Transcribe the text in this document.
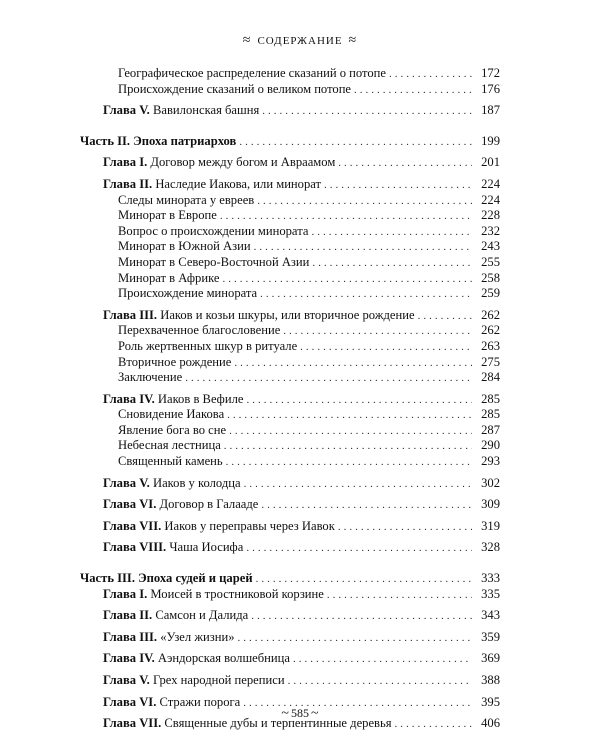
≈ СОДЕРЖАНИЕ ≈
Географическое распределение сказаний о потопе .....	172
Происхождение сказаний о великом потопе .....	176
Глава V. Вавилонская башня .....	187
Часть II. Эпоха патриархов .....	199
Глава I. Договор между богом и Авраамом .....	201
Глава II. Наследие Иакова, или минорат .....	224
Следы минората у евреев .....	224
Минорат в Европе .....	228
Вопрос о происхождении минората .....	232
Минорат в Южной Азии .....	243
Минорат в Северо-Восточной Азии .....	255
Минорат в Африке .....	258
Происхождение минората .....	259
Глава III. Иаков и козьи шкуры, или вторичное рождение .....	262
Перехваченное благословение .....	262
Роль жертвенных шкур в ритуале .....	263
Вторичное рождение .....	275
Заключение .....	284
Глава IV. Иаков в Вефиле .....	285
Сновидение Иакова .....	285
Явление бога во сне .....	287
Небесная лестница .....	290
Священный камень .....	293
Глава V. Иаков у колодца .....	302
Глава VI. Договор в Галааде .....	309
Глава VII. Иаков у переправы через Иавок .....	319
Глава VIII. Чаша Иосифа .....	328
Часть III. Эпоха судей и царей .....	333
Глава I. Моисей в тростниковой корзине .....	335
Глава II. Самсон и Далида .....	343
Глава III. «Узел жизни» .....	359
Глава IV. Аэндорская волшебница .....	369
Глава V. Грех народной переписи .....	388
Глава VI. Стражи порога .....	395
Глава VII. Священные дубы и терпентинные деревья .....	406
~ 585 ~
